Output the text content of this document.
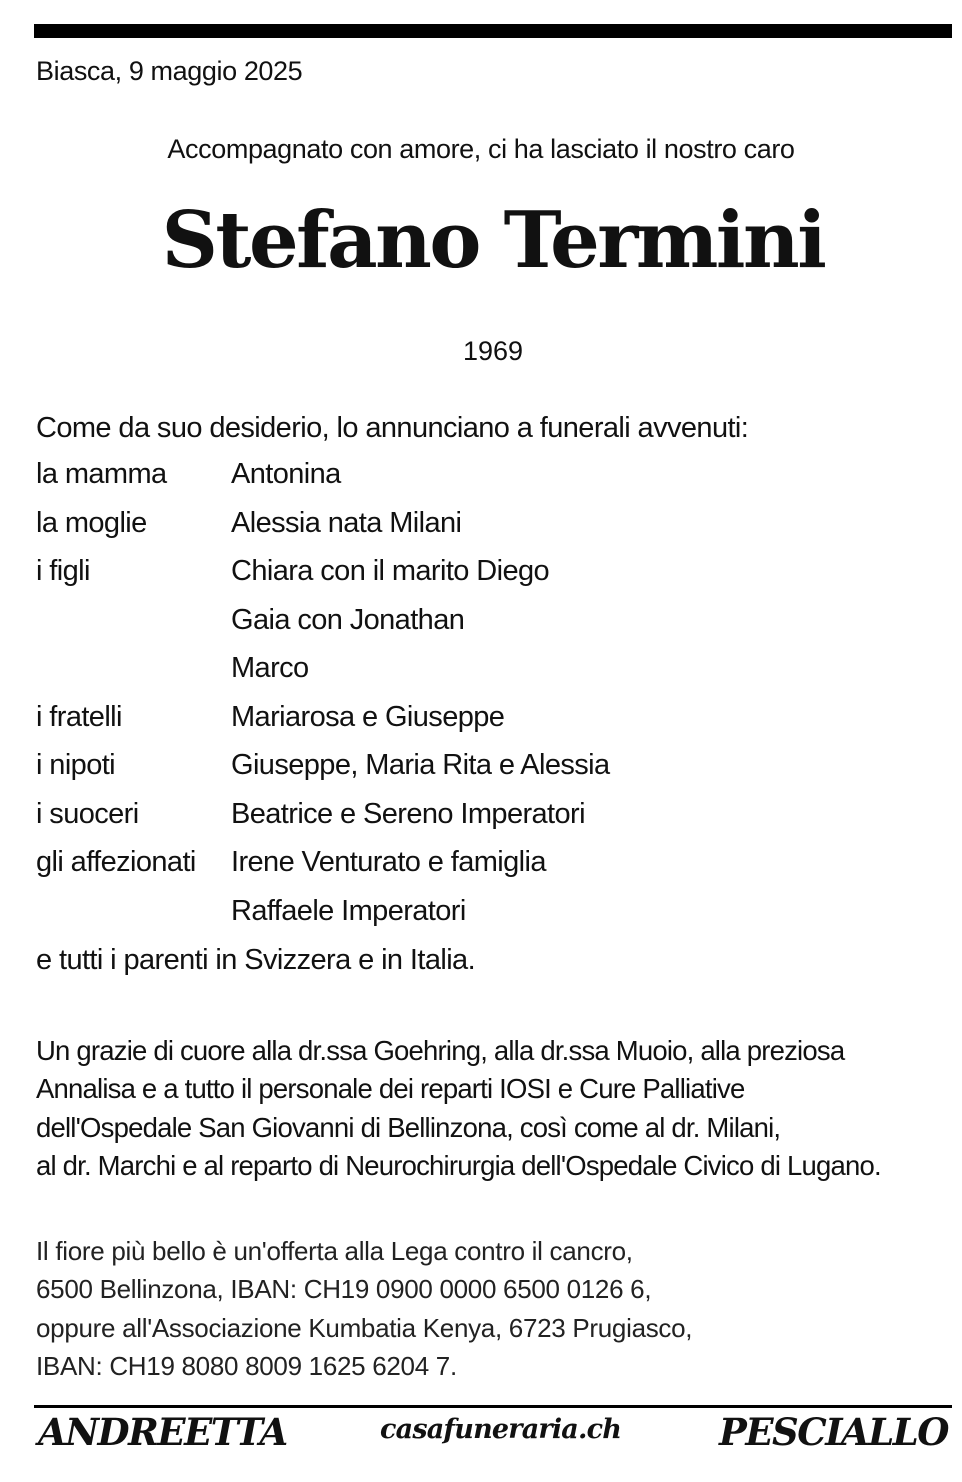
Biasca, 9 maggio 2025
Accompagnato con amore, ci ha lasciato il nostro caro
Stefano Termini
1969
Come da suo desiderio, lo annunciano a funerali avvenuti:
la mamma Antonina
la moglie	Alessia nata Milani
i figli	Chiara con il marito Diego
Gaia con Jonathan
Marco
i fratelli	Mariarosa e Giuseppe
i nipoti	Giuseppe, Maria Rita e Alessia
i suoceri	Beatrice e Sereno Imperatori
gli affezionati Irene Venturato e famiglia
Raffaele Imperatori
e tutti i parenti in Svizzera e in Italia.
Un grazie di cuore alla dr.ssa Goehring, alla dr.ssa Muoio, alla preziosa
Annalisa e a tutto il personale dei reparti IOSI e Cure Palliative
dell'Ospedale San Giovanni di Bellinzona, così come al dr. Milani,
al dr. Marchi e al reparto di Neurochirurgia dell'Ospedale Civico di Lugano.
Il fiore più bello è un'offerta alla Lega contro il cancro,
6500 Bellinzona, IBAN: CH19 0900 0000 6500 0126 6,
oppure all'Associazione Kumbatia Kenya, 6723 Prugiasco,
IBAN: CH19 8080 8009 1625 6204 7.
ANDREETTA	casafuneraria.ch	PESCIALLO
